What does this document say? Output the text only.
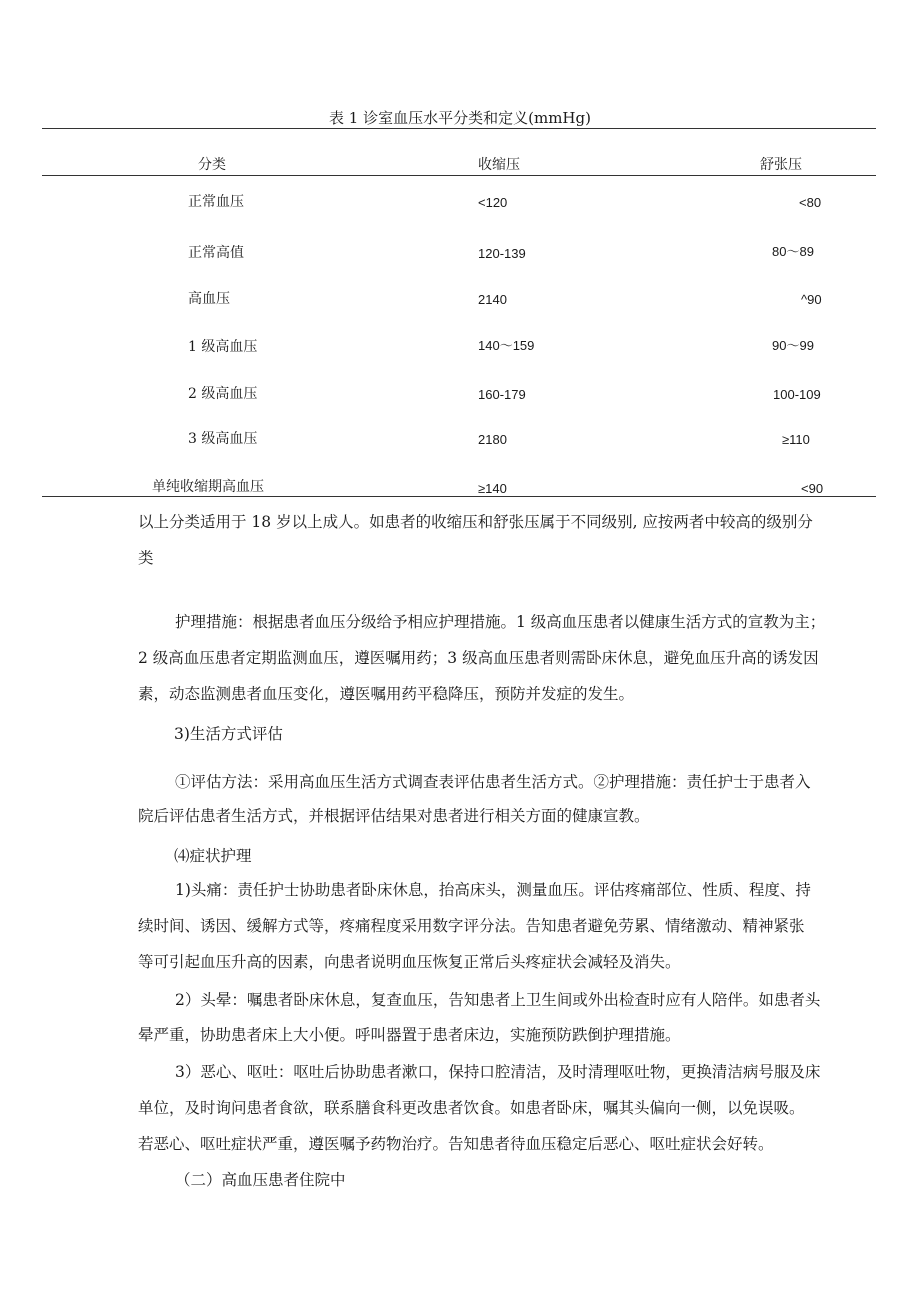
表 1 诊室血压水平分类和定义(mmHg)
分类	收缩压	舒张压
正常血压	<120	<80
正常高值	120-139	80～89
高血压	2140	^90
1 级高血压	140～159	90～99
2 级高血压	160-179	100-109
3 级高血压	2180	≥110
单纯收缩期高血压	≥140	<90
以上分类适用于 18 岁以上成人。如患者的收缩压和舒张压属于不同级别, 应按两者中较高的级别分
类
护理措施：根据患者血压分级给予相应护理措施。1 级高血压患者以健康生活方式的宣教为主；
2 级高血压患者定期监测血压，遵医嘱用药；3 级高血压患者则需卧床休息，避免血压升高的诱发因
素，动态监测患者血压变化，遵医嘱用药平稳降压，预防并发症的发生。
3)生活方式评估
①评估方法：采用高血压生活方式调查表评估患者生活方式。②护理措施：责任护士于患者入
院后评估患者生活方式，并根据评估结果对患者进行相关方面的健康宣教。
⑷症状护理
1)头痛：责任护士协助患者卧床休息，抬高床头，测量血压。评估疼痛部位、性质、程度、持
续时间、诱因、缓解方式等，疼痛程度采用数字评分法。告知患者避免劳累、情绪激动、精神紧张
等可引起血压升高的因素，向患者说明血压恢复正常后头疼症状会减轻及消失。
2）头晕：嘱患者卧床休息，复查血压，告知患者上卫生间或外出检查时应有人陪伴。如患者头
晕严重，协助患者床上大小便。呼叫器置于患者床边，实施预防跌倒护理措施。
3）恶心、呕吐：呕吐后协助患者漱口，保持口腔清洁，及时清理呕吐物，更换清洁病号服及床
单位，及时询问患者食欲，联系膳食科更改患者饮食。如患者卧床，嘱其头偏向一侧，以免误吸。
若恶心、呕吐症状严重，遵医嘱予药物治疗。告知患者待血压稳定后恶心、呕吐症状会好转。
（二）高血压患者住院中
